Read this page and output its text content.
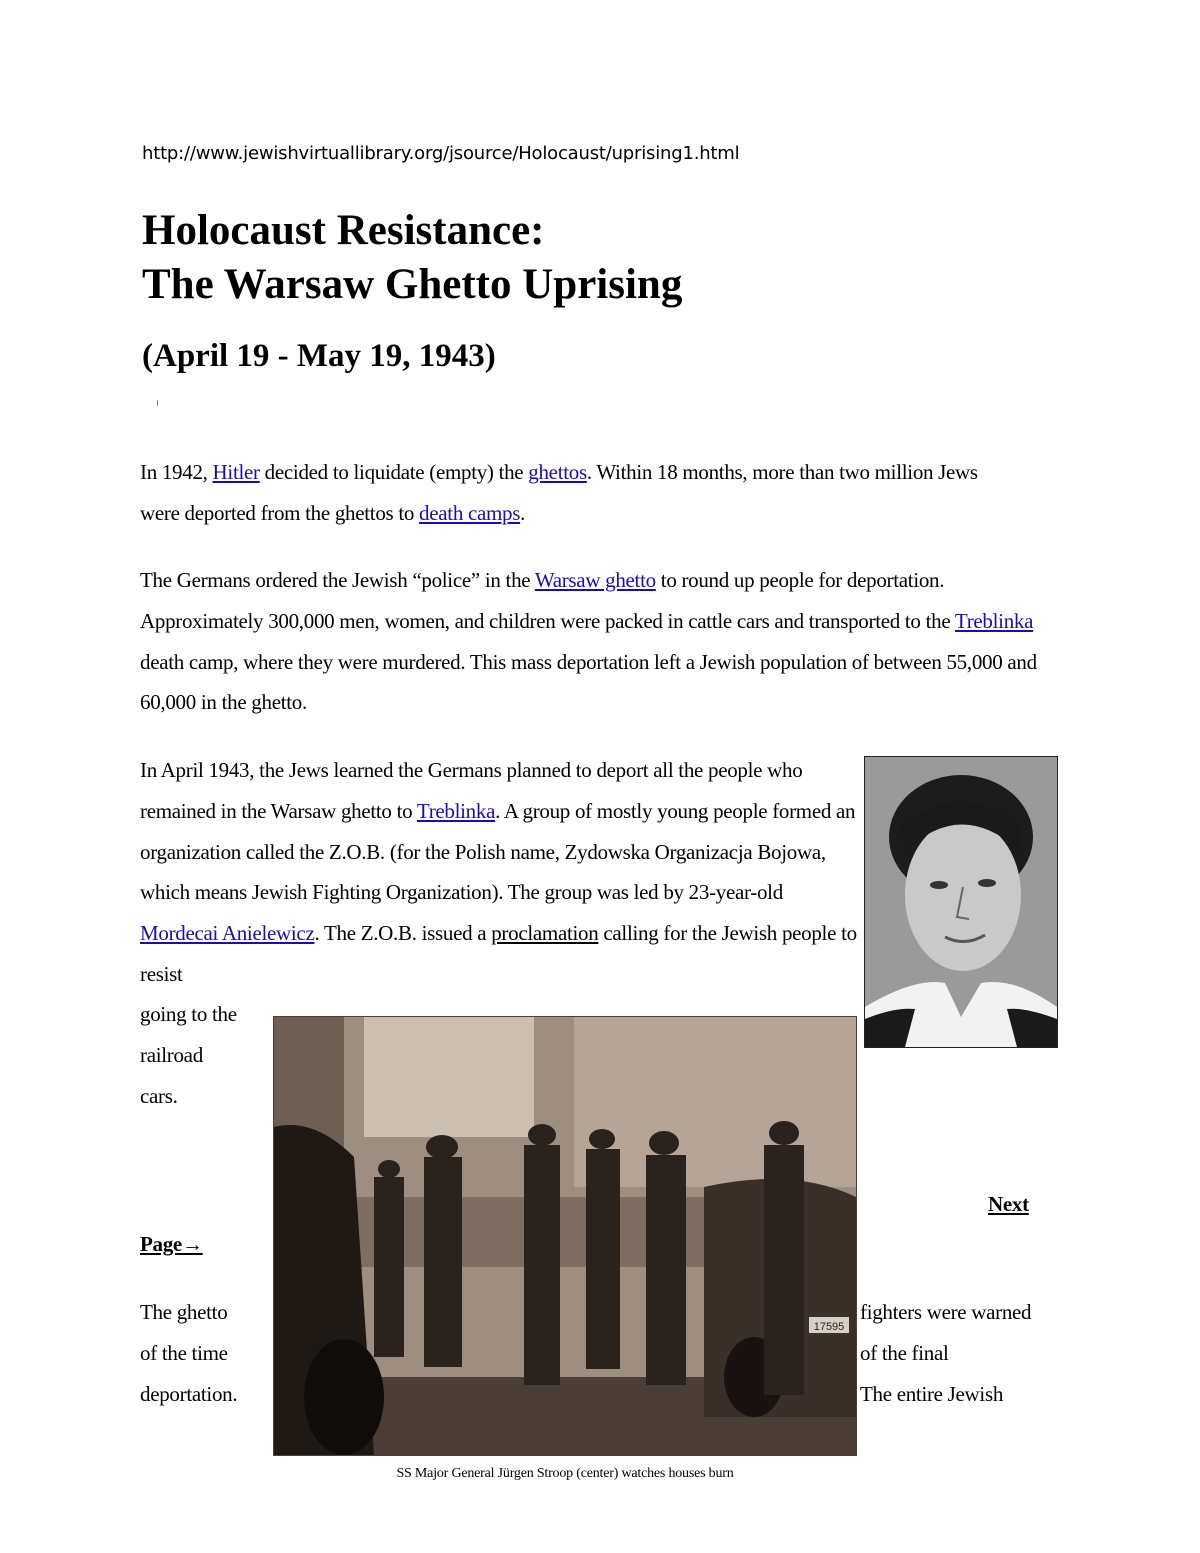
http://www.jewishvirtuallibrary.org/jsource/Holocaust/uprising1.html
Holocaust Resistance:
The Warsaw Ghetto Uprising
(April 19 - May 19, 1943)
In 1942, Hitler decided to liquidate (empty) the ghettos. Within 18 months, more than two million Jews were deported from the ghettos to death camps.
The Germans ordered the Jewish “police” in the Warsaw ghetto to round up people for deportation. Approximately 300,000 men, women, and children were packed in cattle cars and transported to the Treblinka death camp, where they were murdered. This mass deportation left a Jewish population of between 55,000 and 60,000 in the ghetto.
In April 1943, the Jews learned the Germans planned to deport all the people who remained in the Warsaw ghetto to Treblinka. A group of mostly young people formed an organization called the Z.O.B. (for the Polish name, Zydowska Organizacja Bojowa, which means Jewish Fighting Organization). The group was led by 23-year-old Mordecai Anielewicz. The Z.O.B. issued a proclamation calling for the Jewish people to resist
going to the
railroad
cars.
17595
Next
Page→
The ghetto
of the time
deportation.
fighters were warned
of the final
The entire Jewish
SS Major General Jürgen Stroop (center) watches houses burn
